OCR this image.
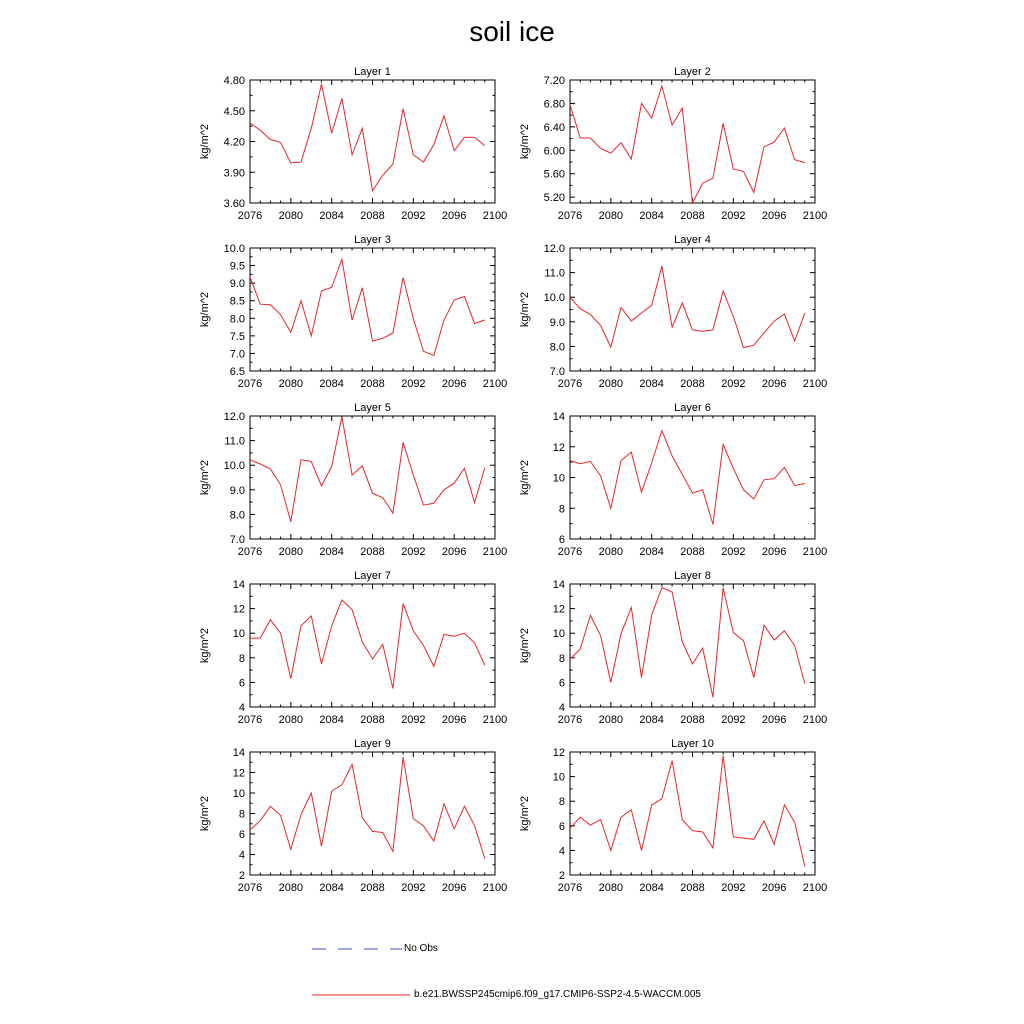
soil ice
Layer 1
kg/m^2
2076 2080 2084 2088 2092 2096 2100
3.60
3.90
4.20
4.50
4.80
Layer 2
kg/m^2
2076 2080 2084 2088 2092 2096 2100
5.20
5.60
6.00
6.40
6.80
7.20
Layer 3
kg/m^2
2076 2080 2084 2088 2092 2096 2100
6.5
7.0
7.5
8.0
8.5
9.0
9.5
10.0
Layer 4
kg/m^2
2076 2080 2084 2088 2092 2096 2100
7.0
8.0
9.0
10.0
11.0
12.0
Layer 5
kg/m^2
2076 2080 2084 2088 2092 2096 2100
7.0
8.0
9.0
10.0
11.0
12.0
Layer 6
kg/m^2
2076 2080 2084 2088 2092 2096 2100
6
8
10
12
14
Layer 7
kg/m^2
2076 2080 2084 2088 2092 2096 2100
4
6
8
10
12
14
Layer 8
kg/m^2
2076 2080 2084 2088 2092 2096 2100
4
6
8
10
12
14
Layer 9
kg/m^2
2076 2080 2084 2088 2092 2096 2100
2
4
6
8
10
12
14
Layer 10
kg/m^2
2076 2080 2084 2088 2092 2096 2100
2
4
6
8
10
12
No Obs
b.e21.BWSSP245cmip6.f09_g17.CMIP6-SSP2-4.5-WACCM.005
